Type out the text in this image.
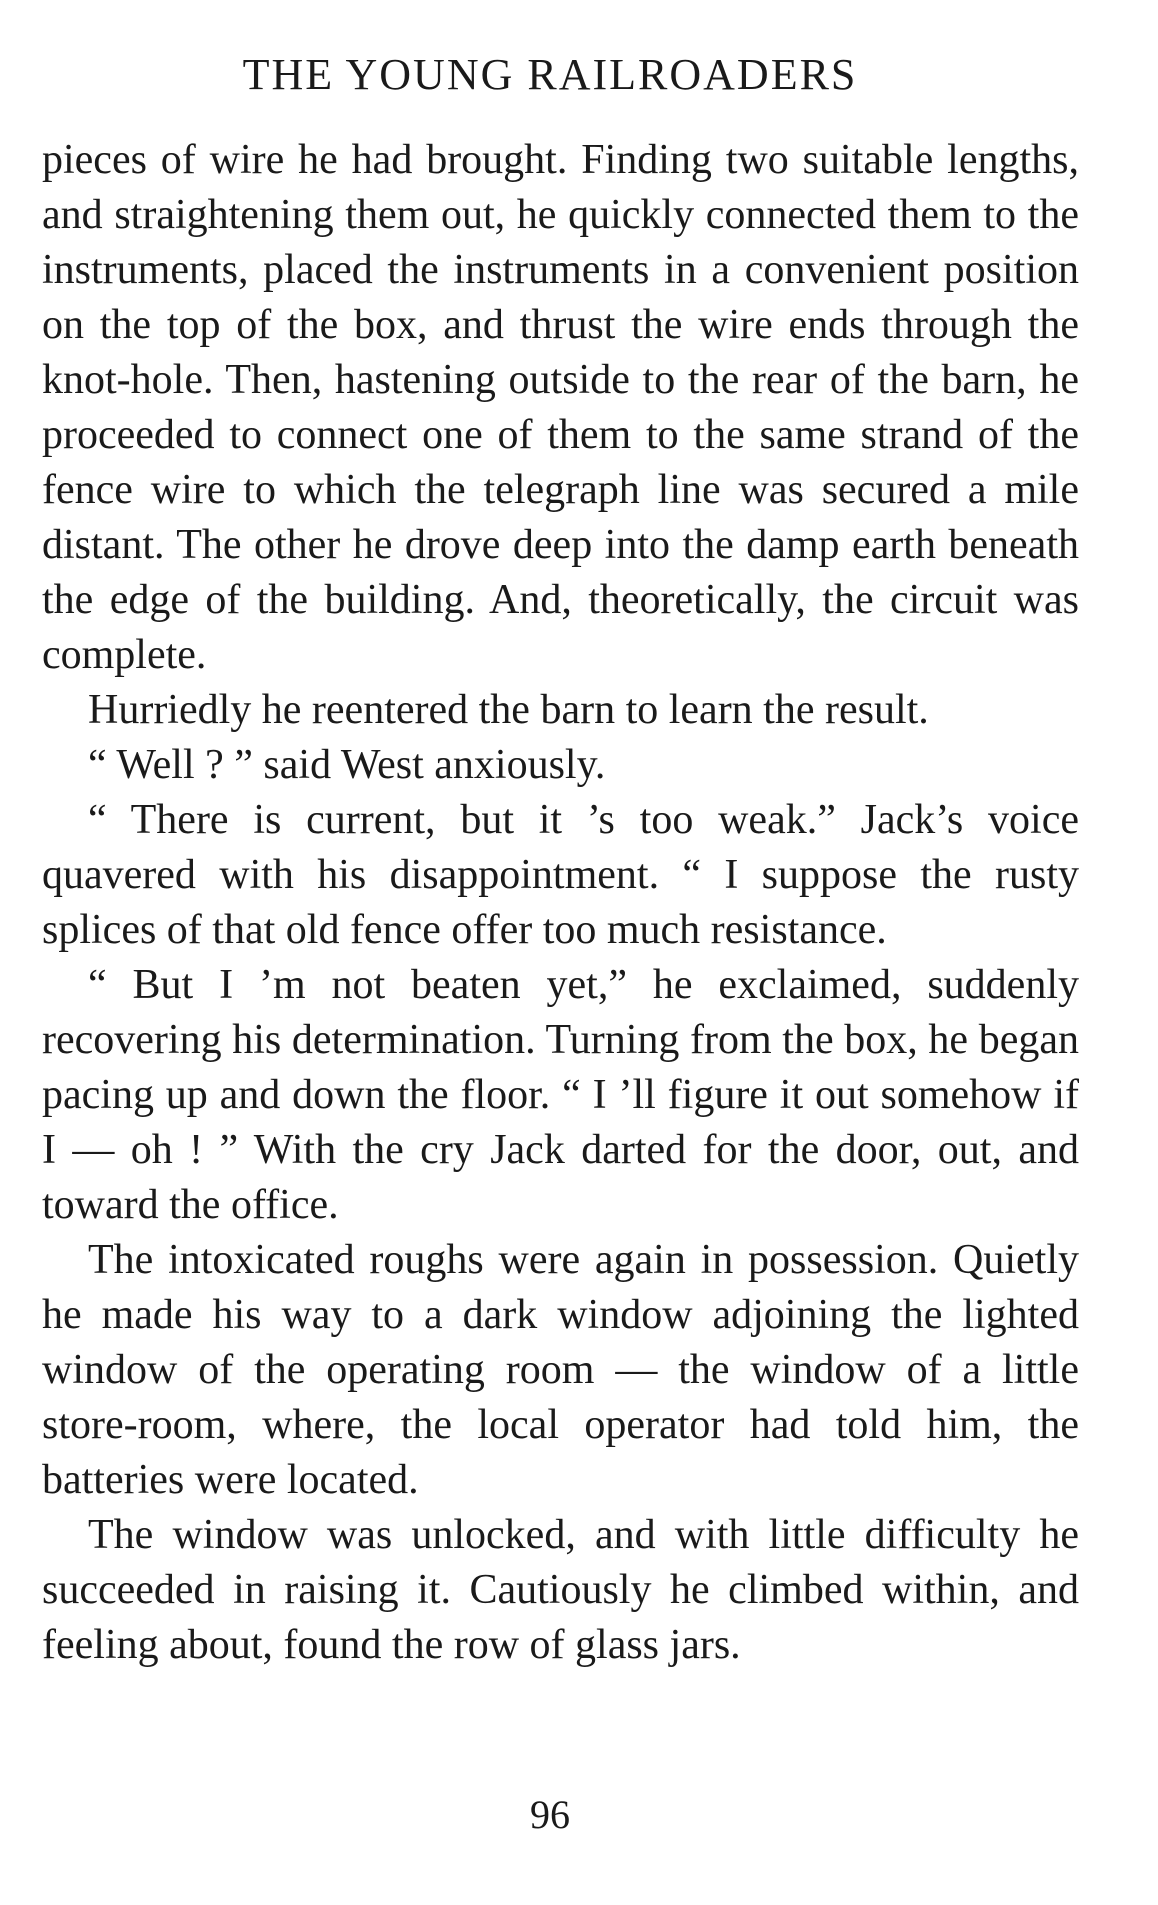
THE YOUNG RAILROADERS

pieces of wire he had brought. Finding two suitable lengths, and straightening them out, he quickly connected them to the instruments, placed the instruments in a convenient position on the top of the box, and thrust the wire ends through the knot-hole. Then, hastening outside to the rear of the barn, he proceeded to connect one of them to the same strand of the fence wire to which the telegraph line was secured a mile distant. The other he drove deep into the damp earth beneath the edge of the building. And, theoretically, the circuit was complete.

Hurriedly he reentered the barn to learn the result.

“ Well ? ” said West anxiously.

“ There is current, but it ’s too weak.” Jack’s voice quavered with his disappointment. “ I suppose the rusty splices of that old fence offer too much resistance.

“ But I ’m not beaten yet,” he exclaimed, suddenly recovering his determination. Turning from the box, he began pacing up and down the floor. “ I ’ll figure it out somehow if I — oh ! ” With the cry Jack darted for the door, out, and toward the office.

The intoxicated roughs were again in possession. Quietly he made his way to a dark window adjoining the lighted window of the operating room — the window of a little store-room, where, the local operator had told him, the batteries were located.

The window was unlocked, and with little difficulty he succeeded in raising it. Cautiously he climbed within, and feeling about, found the row of glass jars.

96
